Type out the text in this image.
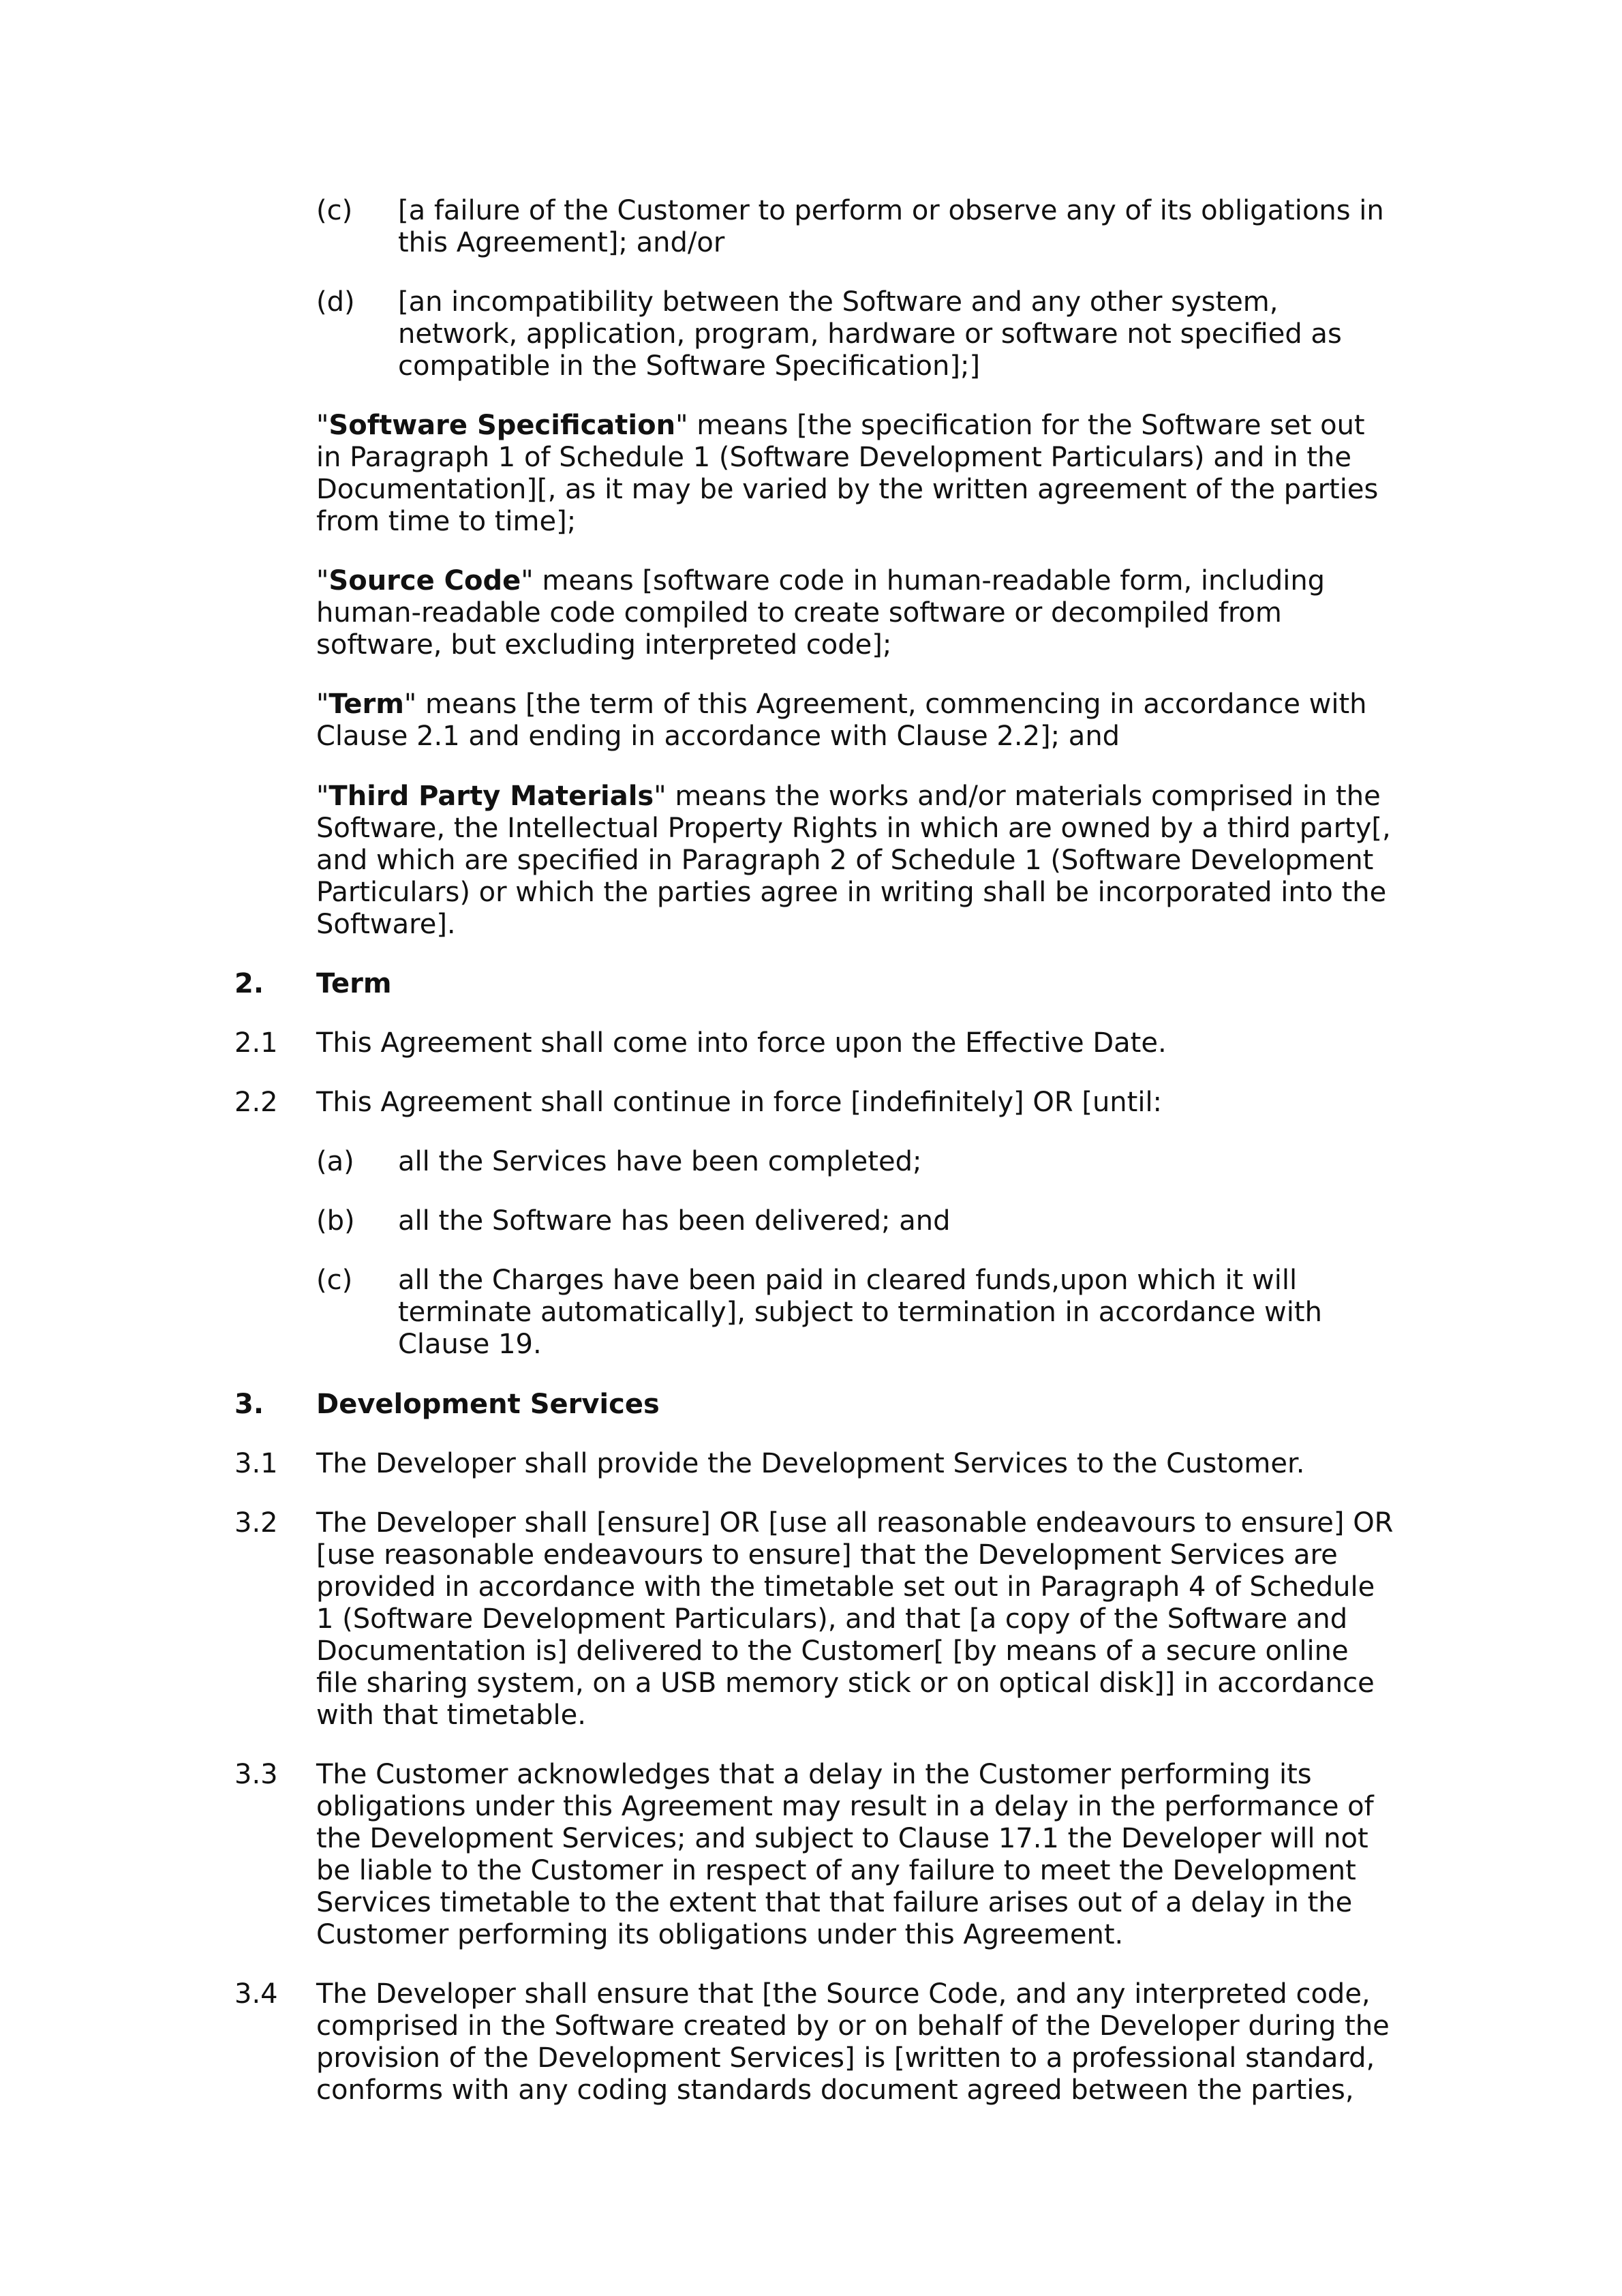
(c) [a failure of the Customer to perform or observe any of its obligations in
this Agreement]; and/or

(d) [an incompatibility between the Software and any other system,
network, application, program, hardware or software not specified as
compatible in the Software Specification];]

"Software Specification" means [the specification for the Software set out
in Paragraph 1 of Schedule 1 (Software Development Particulars) and in the
Documentation][, as it may be varied by the written agreement of the parties
from time to time];

"Source Code" means [software code in human-readable form, including
human-readable code compiled to create software or decompiled from
software, but excluding interpreted code];

"Term" means [the term of this Agreement, commencing in accordance with
Clause 2.1 and ending in accordance with Clause 2.2]; and

"Third Party Materials" means the works and/or materials comprised in the
Software, the Intellectual Property Rights in which are owned by a third party[,
and which are specified in Paragraph 2 of Schedule 1 (Software Development
Particulars) or which the parties agree in writing shall be incorporated into the
Software].

2. Term

2.1 This Agreement shall come into force upon the Effective Date.

2.2 This Agreement shall continue in force [indefinitely] OR [until:

(a) all the Services have been completed;

(b) all the Software has been delivered; and

(c) all the Charges have been paid in cleared funds,upon which it will
terminate automatically], subject to termination in accordance with
Clause 19.

3. Development Services

3.1 The Developer shall provide the Development Services to the Customer.

3.2 The Developer shall [ensure] OR [use all reasonable endeavours to ensure] OR
[use reasonable endeavours to ensure] that the Development Services are
provided in accordance with the timetable set out in Paragraph 4 of Schedule
1 (Software Development Particulars), and that [a copy of the Software and
Documentation is] delivered to the Customer[ [by means of a secure online
file sharing system, on a USB memory stick or on optical disk]] in accordance
with that timetable.

3.3 The Customer acknowledges that a delay in the Customer performing its
obligations under this Agreement may result in a delay in the performance of
the Development Services; and subject to Clause 17.1 the Developer will not
be liable to the Customer in respect of any failure to meet the Development
Services timetable to the extent that that failure arises out of a delay in the
Customer performing its obligations under this Agreement.

3.4 The Developer shall ensure that [the Source Code, and any interpreted code,
comprised in the Software created by or on behalf of the Developer during the
provision of the Development Services] is [written to a professional standard,
conforms with any coding standards document agreed between the parties,
